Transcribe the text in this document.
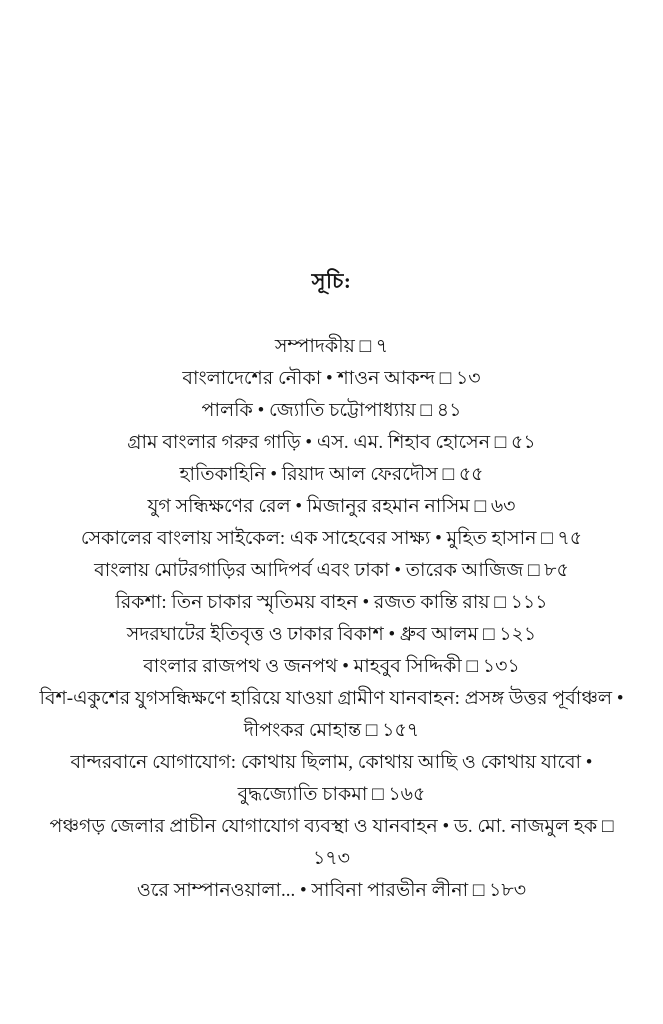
সূচি:
সম্পাদকীয় □ ৭
বাংলাদেশের নৌকা • শাওন আকন্দ □ ১৩
পালকি • জ্যোতি চট্টোপাধ্যায় □ ৪১
গ্রাম বাংলার গরুর গাড়ি • এস. এম. শিহাব হোসেন □ ৫১
হাতিকাহিনি • রিয়াদ আল ফেরদৌস □ ৫৫
যুগ সন্ধিক্ষণের রেল • মিজানুর রহমান নাসিম □ ৬৩
সেকালের বাংলায় সাইকেল: এক সাহেবের সাক্ষ্য • মুহিত হাসান □ ৭৫
বাংলায় মোটরগাড়ির আদিপর্ব এবং ঢাকা • তারেক আজিজ □ ৮৫
রিকশা: তিন চাকার স্মৃতিময় বাহন • রজত কান্তি রায় □ ১১১
সদরঘাটের ইতিবৃত্ত ও ঢাকার বিকাশ • ধ্রুব আলম □ ১২১
বাংলার রাজপথ ও জনপথ • মাহবুব সিদ্দিকী □ ১৩১
বিশ-একুশের যুগসন্ধিক্ষণে হারিয়ে যাওয়া গ্রামীণ যানবাহন: প্রসঙ্গ উত্তর পূর্বাঞ্চল •
দীপংকর মোহান্ত □ ১৫৭
বান্দরবানে যোগাযোগ: কোথায় ছিলাম, কোথায় আছি ও কোথায় যাবো •
বুদ্ধজ্যোতি চাকমা □ ১৬৫
পঞ্চগড় জেলার প্রাচীন যোগাযোগ ব্যবস্থা ও যানবাহন • ড. মো. নাজমুল হক □ ১৭৩
ওরে সাম্পানওয়ালা... • সাবিনা পারভীন লীনা □ ১৮৩
